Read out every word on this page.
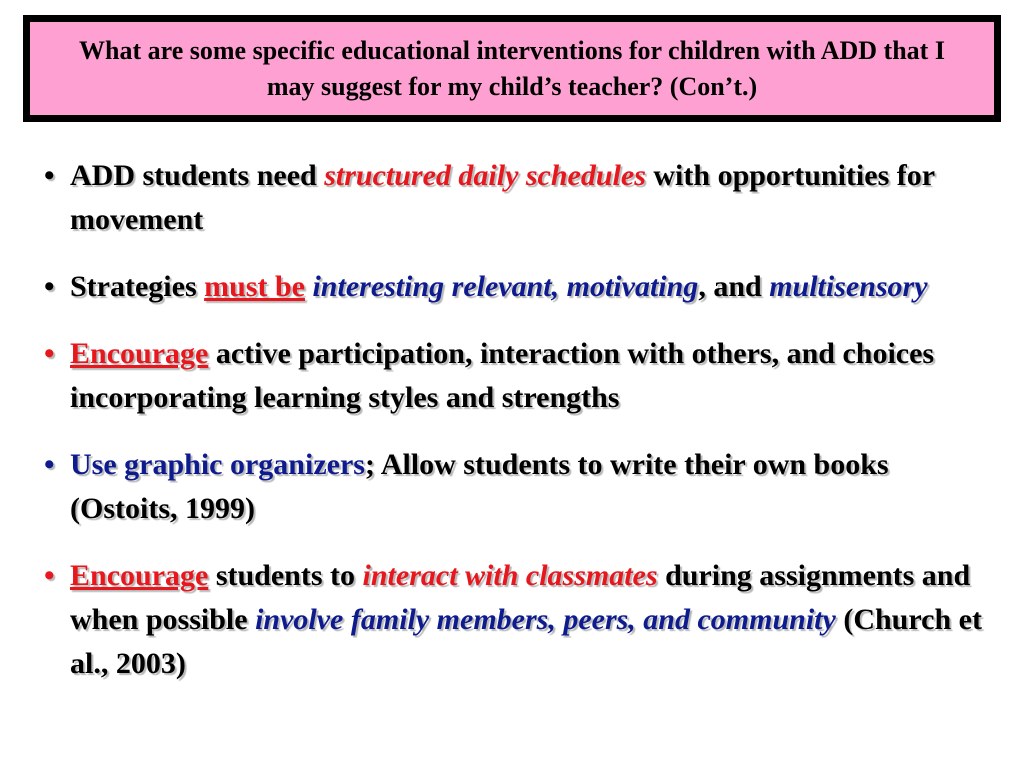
What are some specific educational interventions for children with ADD that I may suggest for my child’s teacher? (Con’t.)
• ADD students need structured daily schedules with opportunities for movement
• Strategies must be interesting relevant, motivating, and multisensory
• Encourage active participation, interaction with others, and choices incorporating learning styles and strengths
• Use graphic organizers; Allow students to write their own books (Ostoits, 1999)
• Encourage students to interact with classmates during assignments and when possible involve family members, peers, and community (Church et al., 2003)
